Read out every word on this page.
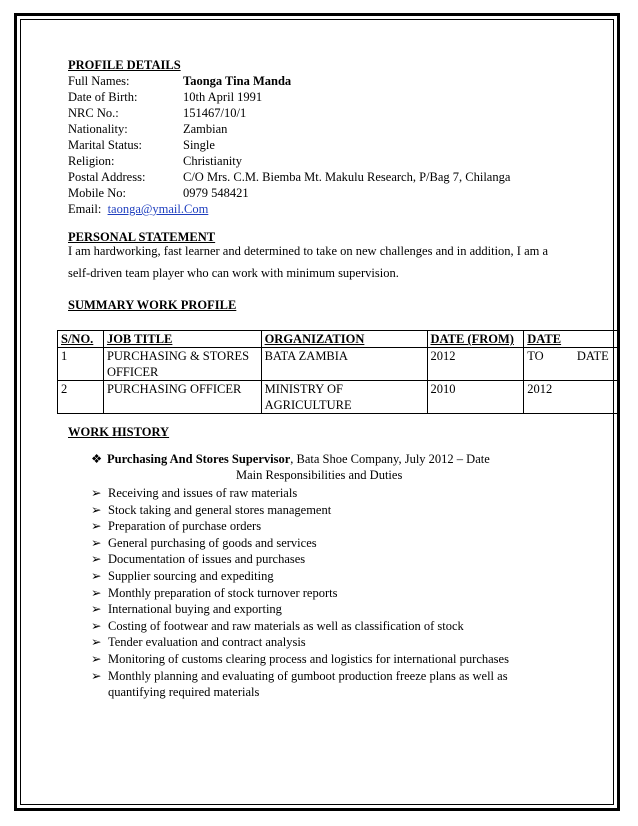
PROFILE DETAILS
Full Names:	Taonga Tina Manda
Date of Birth:	10th April 1991
NRC No.:	151467/10/1
Nationality:	Zambian
Marital Status:	Single
Religion:	Christianity
Postal Address:	C/O Mrs. C.M. Biemba Mt. Makulu Research, P/Bag 7, Chilanga
Mobile No:	0979 548421
Email: taonga@ymail.Com
PERSONAL STATEMENT
I am hardworking, fast learner and determined to take on new challenges and in addition, I am a
self-driven team player who can work with minimum supervision.
SUMMARY WORK PROFILE
S/NO.	JOB TITLE	ORGANIZATION	DATE (FROM)	DATE
1	PURCHASING & STORES OFFICER	BATA ZAMBIA	2012	TO DATE
2	PURCHASING OFFICER	MINISTRY OF AGRICULTURE	2010	2012
WORK HISTORY
❖ Purchasing And Stores Supervisor, Bata Shoe Company, July 2012 – Date
Main Responsibilities and Duties
➢ Receiving and issues of raw materials
➢ Stock taking and general stores management
➢ Preparation of purchase orders
➢ General purchasing of goods and services
➢ Documentation of issues and purchases
➢ Supplier sourcing and expediting
➢ Monthly preparation of stock turnover reports
➢ International buying and exporting
➢ Costing of footwear and raw materials as well as classification of stock
➢ Tender evaluation and contract analysis
➢ Monitoring of customs clearing process and logistics for international purchases
➢ Monthly planning and evaluating of gumboot production freeze plans as well as quantifying required materials
